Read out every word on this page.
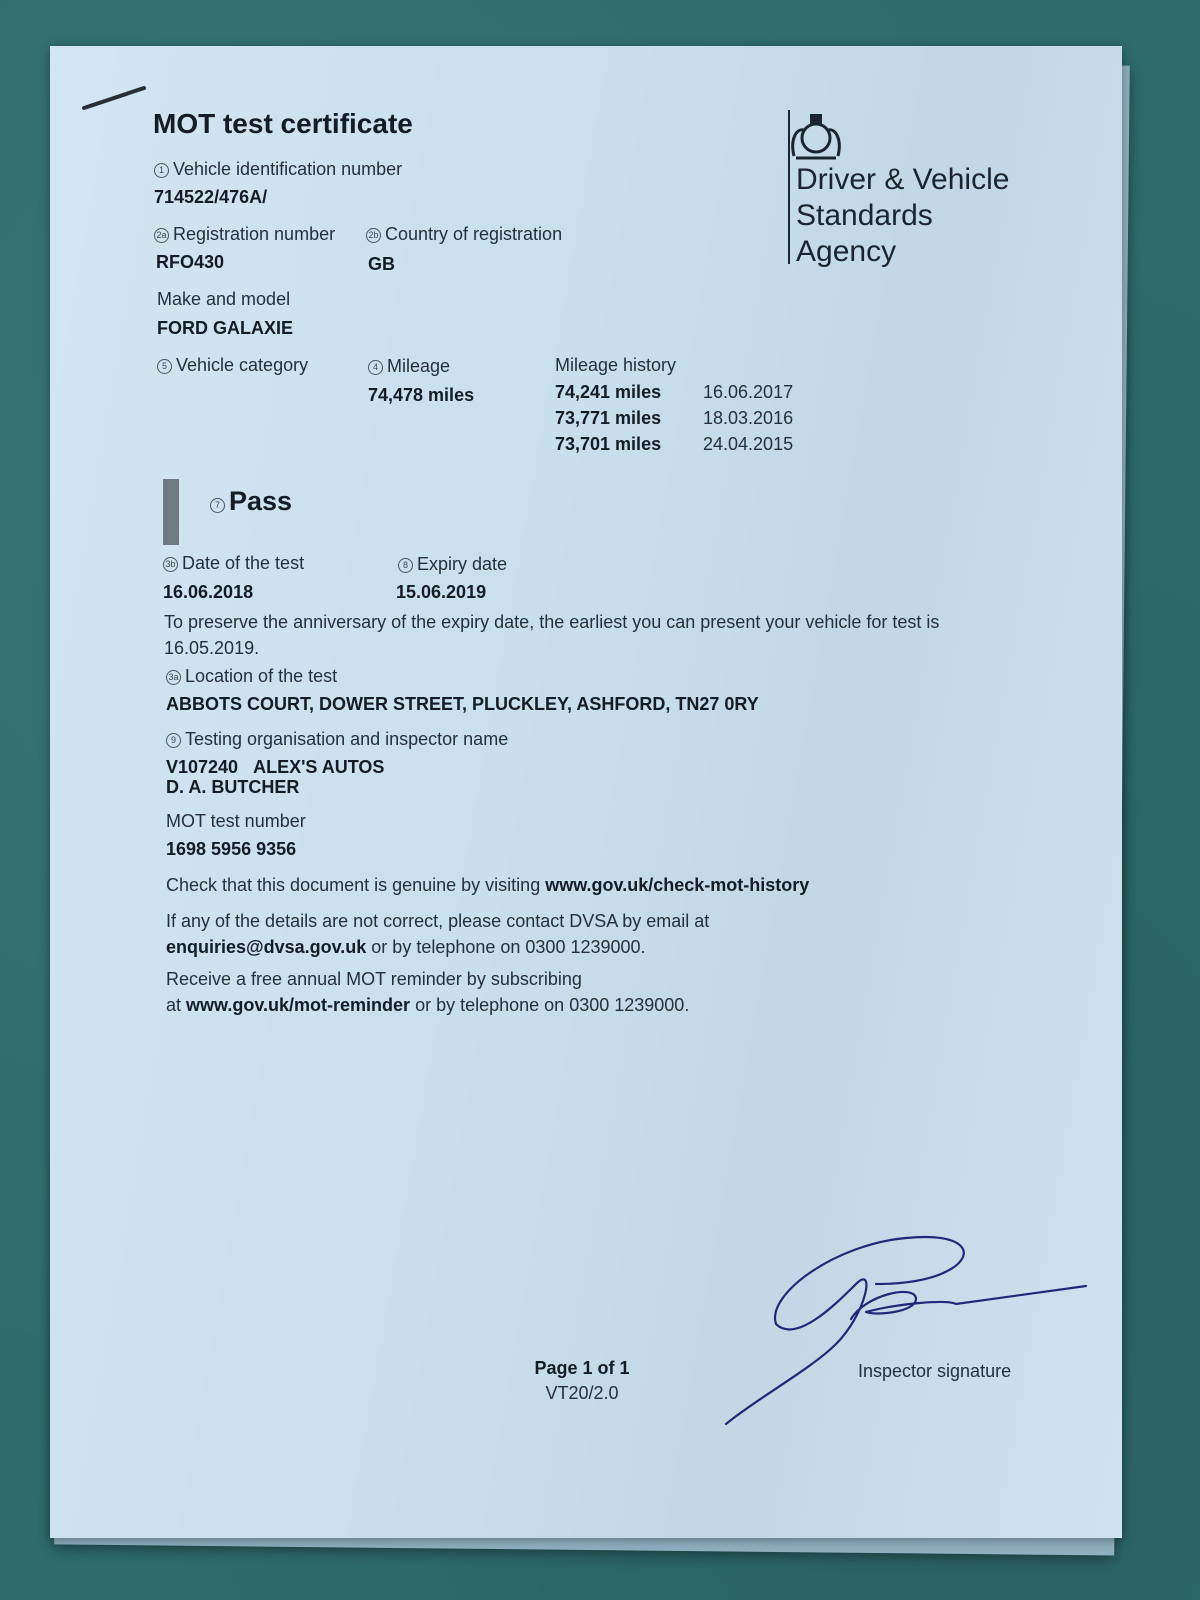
MOT test certificate
1 Vehicle identification number
714522/476A/
2a Registration number
RFO430
2b Country of registration
GB
Make and model
FORD GALAXIE
5 Vehicle category	4 Mileage
74,478 miles
Mileage history
74,241 miles 16.06.2017
73,771 miles 18.03.2016
73,701 miles 24.04.2015
7 Pass
3b Date of the test
16.06.2018
8 Expiry date
15.06.2019
To preserve the anniversary of the expiry date, the earliest you can present your vehicle for test is
16.05.2019.
3a Location of the test
ABBOTS COURT, DOWER STREET, PLUCKLEY, ASHFORD, TN27 0RY
9 Testing organisation and inspector name
V107240 ALEX'S AUTOS
D. A. BUTCHER
MOT test number
1698 5956 9356
Check that this document is genuine by visiting www.gov.uk/check-mot-history
If any of the details are not correct, please contact DVSA by email at
enquiries@dvsa.gov.uk or by telephone on 0300 1239000.
Receive a free annual MOT reminder by subscribing
at www.gov.uk/mot-reminder or by telephone on 0300 1239000.
Page 1 of 1
VT20/2.0
Inspector signature
Driver & Vehicle
Standards
Agency
